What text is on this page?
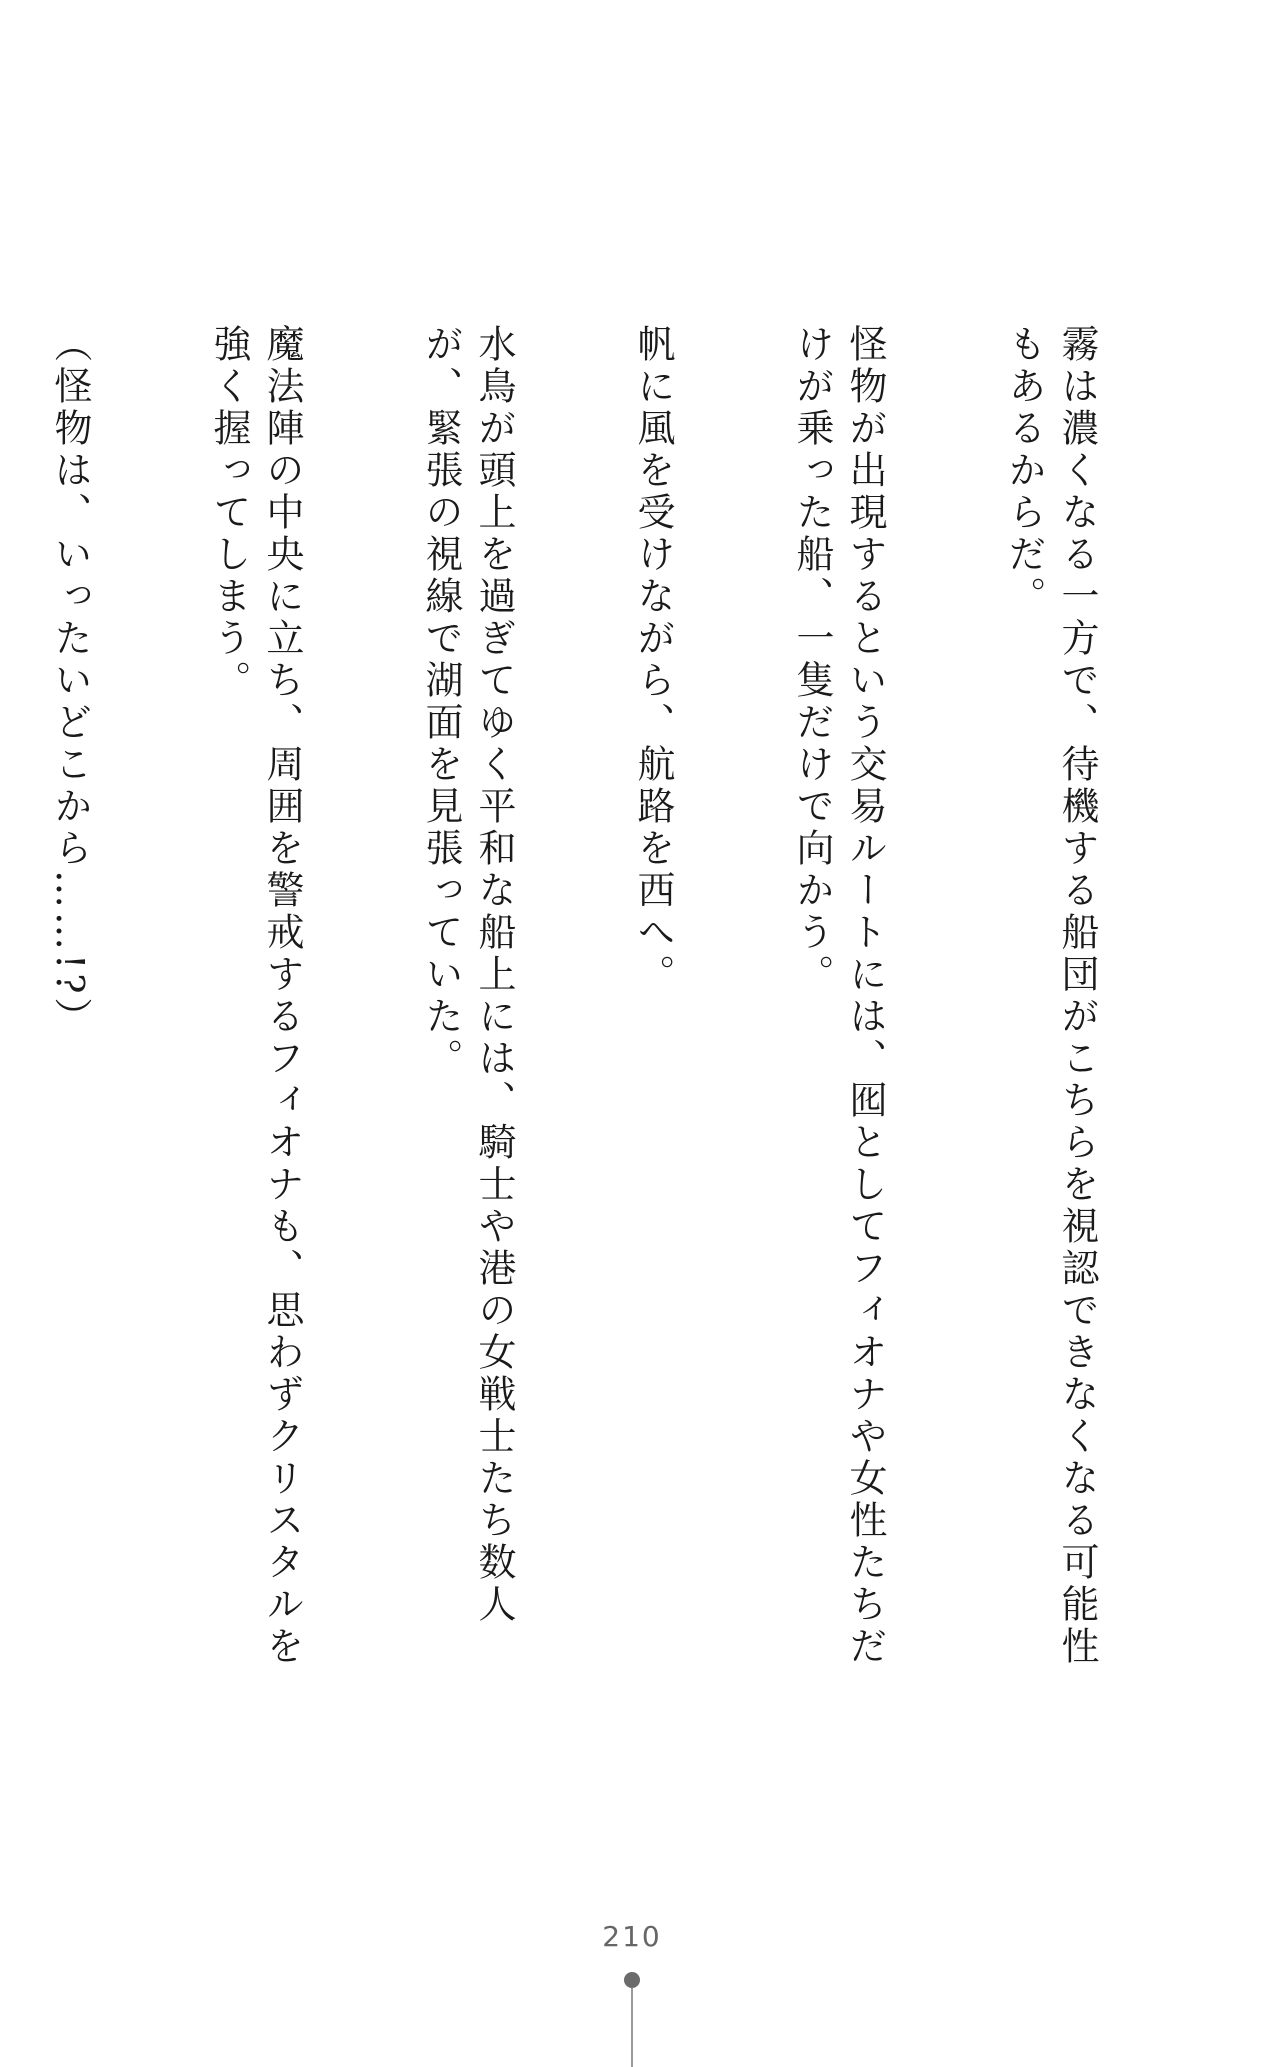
霧は濃くなる一方で、待機する船団がこちらを視認できなくなる可能性もあるからだ。

怪物が出現するという交易ルートには、囮としてフィオナや女性たちだけが乗った船、一隻だけで向かう。

帆に風を受けながら、航路を西へ。

水鳥が頭上を過ぎてゆく平和な船上には、騎士や港の女戦士たち数人が、緊張の視線で湖面を見張っていた。

魔法陣の中央に立ち、周囲を警戒するフィオナも、思わずクリスタルを強く握ってしまう。

（怪物は、いったいどこから……!?）

210
